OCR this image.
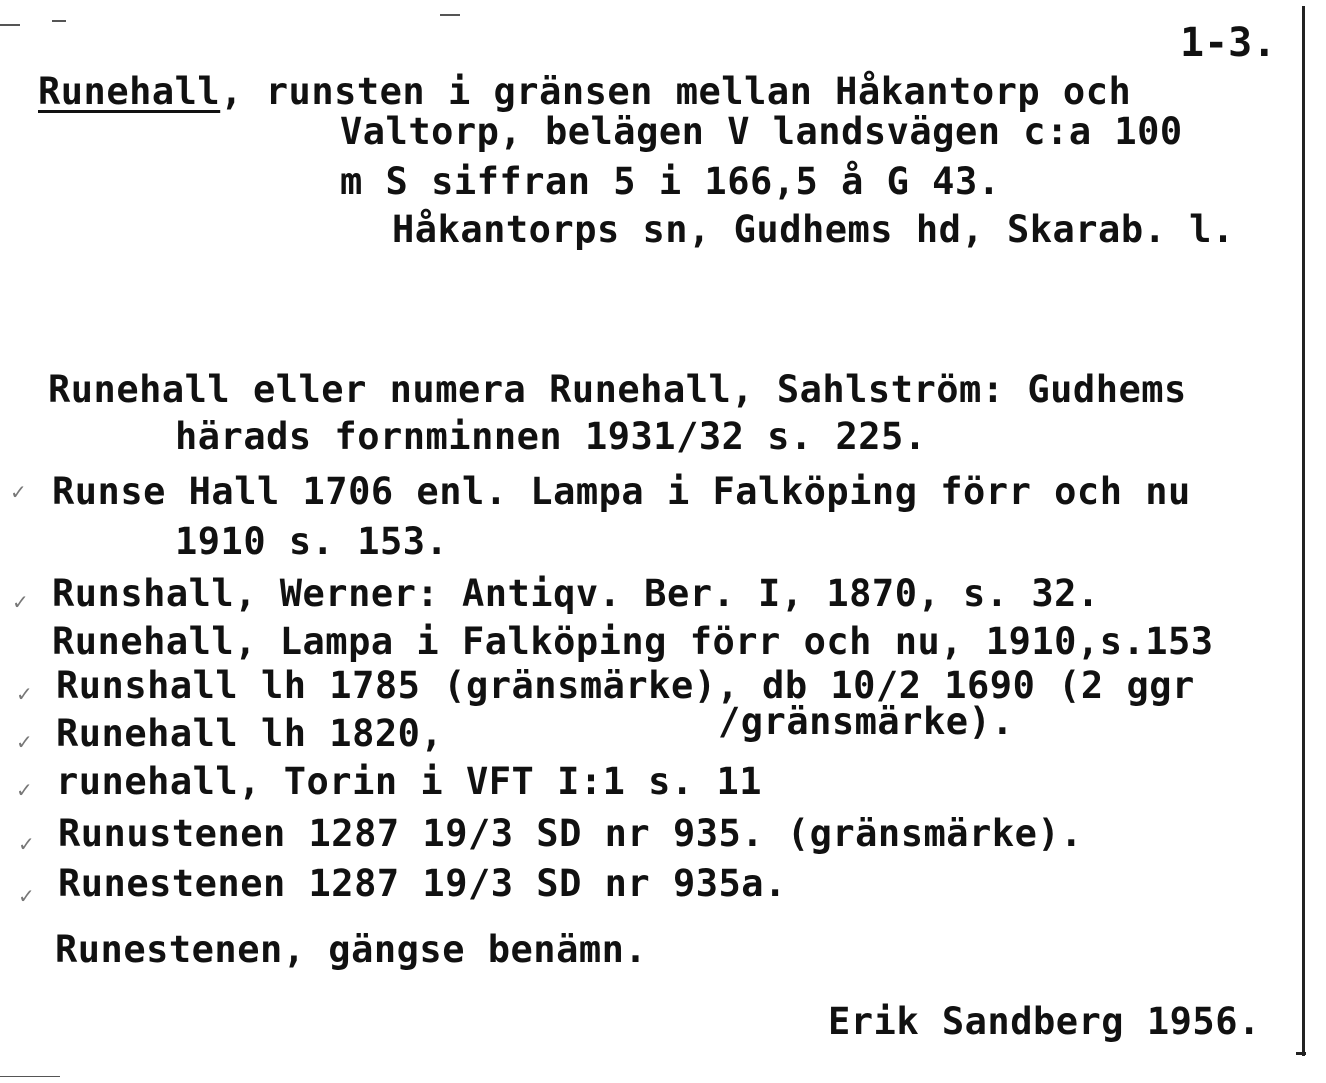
1-3.
Runehall, runsten i gränsen mellan Håkantorp och
Valtorp, belägen V landsvägen c:a 100
m S siffran 5 i 166,5 å G 43.
Håkantorps sn, Gudhems hd, Skarab. l.
Runehall eller numera Runehall, Sahlström: Gudhems
härads fornminnen 1931/32 s. 225.
✓ Runse Hall 1706 enl. Lampa i Falköping förr och nu
1910 s. 153.
✓ Runshall, Werner: Antiqv. Ber. I, 1870, s. 32.
Runehall, Lampa i Falköping förr och nu, 1910,s.153
✓ Runshall lh 1785 (gränsmärke), db 10/2 1690 (2 ggr
✓ Runehall lh 1820,	/gränsmärke).
✓ runehall, Torin i VFT I:1 s. 11
✓ Runustenen 1287 19/3 SD nr 935. (gränsmärke).
✓ Runestenen 1287 19/3 SD nr 935a.
Runestenen, gängse benämn.
Erik Sandberg 1956.
